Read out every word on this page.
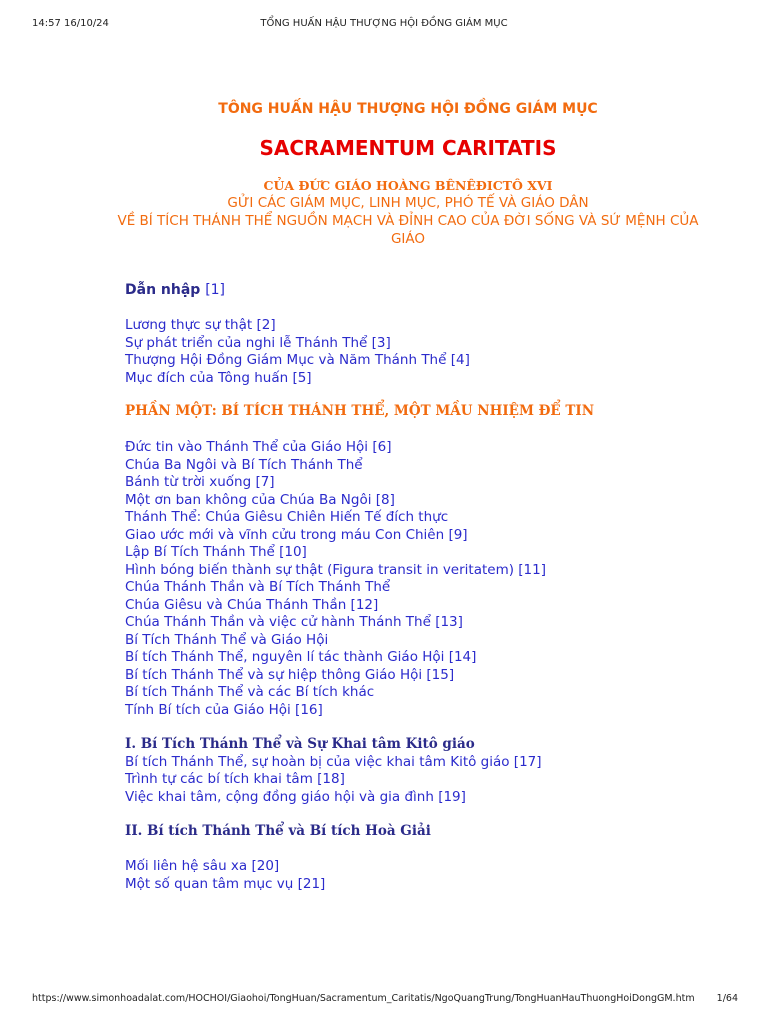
14:57 16/10/24	TỔNG HUẤN HẬU THƯỢNG HỘI ĐỒNG GIÁM MỤC
TÔNG HUẤN HẬU THƯỢNG HỘI ĐỒNG GIÁM MỤC
SACRAMENTUM CARITATIS
CỦA ĐỨC GIÁO HOÀNG BÊNÊĐICTÔ XVI
GỬI CÁC GIÁM MỤC, LINH MỤC, PHÓ TẾ VÀ GIÁO DÂN
VỀ BÍ TÍCH THÁNH THỂ NGUỒN MẠCH VÀ ĐỈNH CAO CỦA ĐỜI SỐNG VÀ SỨ MỆNH CỦA GIÁO
Dẫn nhập [1]
Lương thực sự thật [2]
Sự phát triển của nghi lễ Thánh Thể [3]
Thượng Hội Đồng Giám Mục và Năm Thánh Thể [4]
Mục đích của Tông huấn [5]
PHẦN MỘT: BÍ TÍCH THÁNH THỂ, MỘT MẦU NHIỆM ĐỂ TIN
Đức tin vào Thánh Thể của Giáo Hội [6]
Chúa Ba Ngôi và Bí Tích Thánh Thể
Bánh từ trời xuống [7]
Một ơn ban không của Chúa Ba Ngôi [8]
Thánh Thể: Chúa Giêsu Chiên Hiến Tế đích thực
Giao ước mới và vĩnh cửu trong máu Con Chiên [9]
Lập Bí Tích Thánh Thể [10]
Hình bóng biến thành sự thật (Figura transit in veritatem) [11]
Chúa Thánh Thần và Bí Tích Thánh Thể
Chúa Giêsu và Chúa Thánh Thần [12]
Chúa Thánh Thần và việc cử hành Thánh Thể [13]
Bí Tích Thánh Thể và Giáo Hội
Bí tích Thánh Thể, nguyên lí tác thành Giáo Hội [14]
Bí tích Thánh Thể và sự hiệp thông Giáo Hội [15]
Bí tích Thánh Thể và các Bí tích khác
Tính Bí tích của Giáo Hội [16]
I. Bí Tích Thánh Thể và Sự Khai tâm Kitô giáo
Bí tích Thánh Thể, sự hoàn bị của việc khai tâm Kitô giáo [17]
Trình tự các bí tích khai tâm [18]
Việc khai tâm, cộng đồng giáo hội và gia đình [19]
II. Bí tích Thánh Thể và Bí tích Hoà Giải
Mối liên hệ sâu xa [20]
Một số quan tâm mục vụ [21]
https://www.simonhoadalat.com/HOCHOI/Giaohoi/TongHuan/Sacramentum_Caritatis/NgoQuangTrung/TongHuanHauThuongHoiDongGM.htm 1/64
